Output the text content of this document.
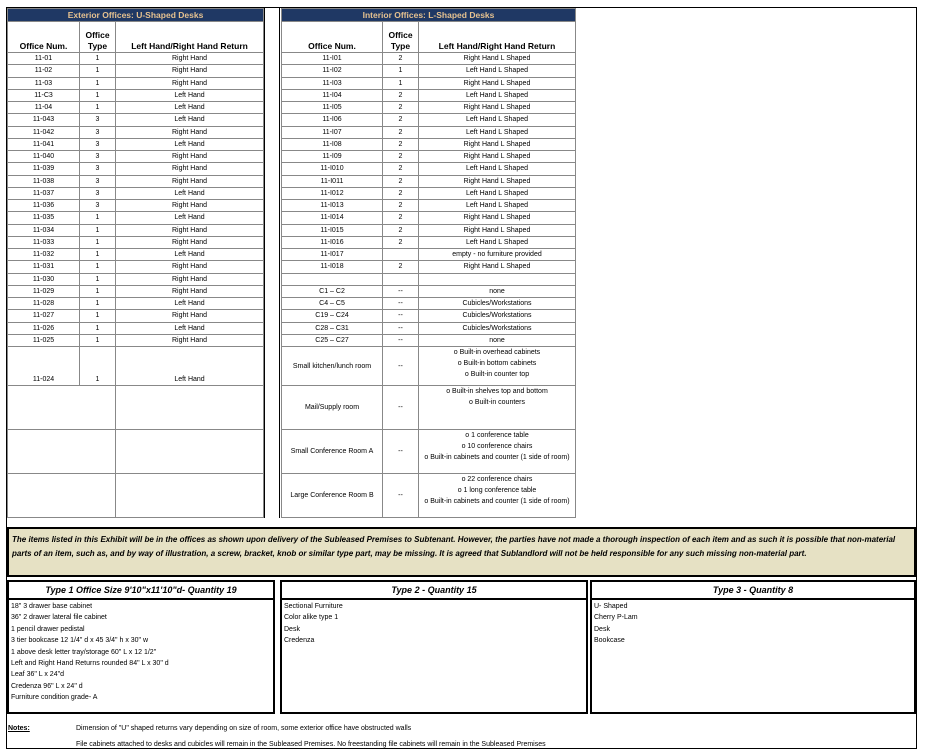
Exterior Offices: U-Shaped Desks		
Office Num.	Office Type	Left Hand/Right Hand Return
11-01	1	Right Hand
11-02	1	Right Hand
11-03	1	Right Hand
11-C3	1	Left Hand
11-04	1	Left Hand
11-043	3	Left Hand
11-042	3	Right Hand
11-041	3	Left Hand
11-040	3	Right Hand
11-039	3	Right Hand
11-038	3	Right Hand
11-037	3	Left Hand
11-036	3	Right Hand
11-035	1	Left Hand
11-034	1	Right Hand
11-033	1	Right Hand
11-032	1	Left Hand
11-031	1	Right Hand
11-030	1	Right Hand
11-029	1	Right Hand
11-028	1	Left Hand
11-027	1	Right Hand
11-026	1	Left Hand
11-025	1	Right Hand
11-024	1	Left Hand

Interior Offices: L-Shaped Desks		
Office Num.	Office Type	Left Hand/Right Hand Return
11-I01	2	Right Hand L Shaped
11-I02	1	Left Hand L Shaped
11-I03	1	Right Hand L Shaped
11-I04	2	Left Hand L Shaped
11-I05	2	Right Hand L Shaped
11-I06	2	Left Hand L Shaped
11-I07	2	Left Hand L Shaped
11-I08	2	Right Hand L Shaped
11-I09	2	Right Hand L Shaped
11-I010	2	Left Hand L Shaped
11-I011	2	Right Hand L Shaped
11-I012	2	Left Hand L Shaped
11-I013	2	Left Hand L Shaped
11-I014	2	Right Hand L Shaped
11-I015	2	Right Hand L Shaped
11-I016	2	Left Hand L Shaped
11-I017		empty - no furniture provided
11-I018	2	Right Hand L Shaped

C1 – C2	--	none
C4 – C5	--	Cubicles/Workstations
C19 – C24	--	Cubicles/Workstations
C28 – C31	--	Cubicles/Workstations
C25 – C27	--	none
Small kitchen/lunch room	--	o Built-in overhead cabinets
o Built-in bottom cabinets
o Built-in counter top

Mail/Supply room	--	o Built-in shelves top and bottom
o Built-in counters

Small Conference Room A	--	o 1 conference table
o 10 conference chairs
o Built-in cabinets and counter (1 side of room)

Large Conference Room B	--	o 22 conference chairs
o 1 long conference table
o Built-in cabinets and counter (1 side of room)
The items listed in this Exhibit will be in the offices as shown upon delivery of the Subleased Premises to Subtenant. However, the parties have not made a thorough inspection of each item and as such it is possible that non-material parts of an item, such as, and by way of illustration, a screw, bracket, knob or similar type part, may be missing. It is agreed that Sublandlord will not be held responsible for any such missing non-material part.
Type 1 Office Size 9'10"x11'10"d- Quantity 19
18" 3 drawer base cabinet
36" 2 drawer lateral file cabinet
1 pencil drawer pedistal
3 tier bookcase 12 1/4" d x 45 3/4" h x 30" w
1 above desk letter tray/storage 60" L x 12 1/2"
Left and Right Hand Returns rounded 84" L x 30" d
Leaf 36" L x 24"d
Credenza 96" L x 24" d
Furniture condition grade- A
Type 2 - Quantity 15
Sectional Furniture
Color alike type 1
Desk
Credenza
Type 3 - Quantity 8
U- Shaped
Cherry P-Lam
Desk
Bookcase
Notes:	Dimension of "U" shaped returns vary depending on size of room, some exterior office have obstructed walls
File cabinets attached to desks and cubicles will remain in the Subleased Premises. No freestanding file cabinets will remain in the Subleased Premises
